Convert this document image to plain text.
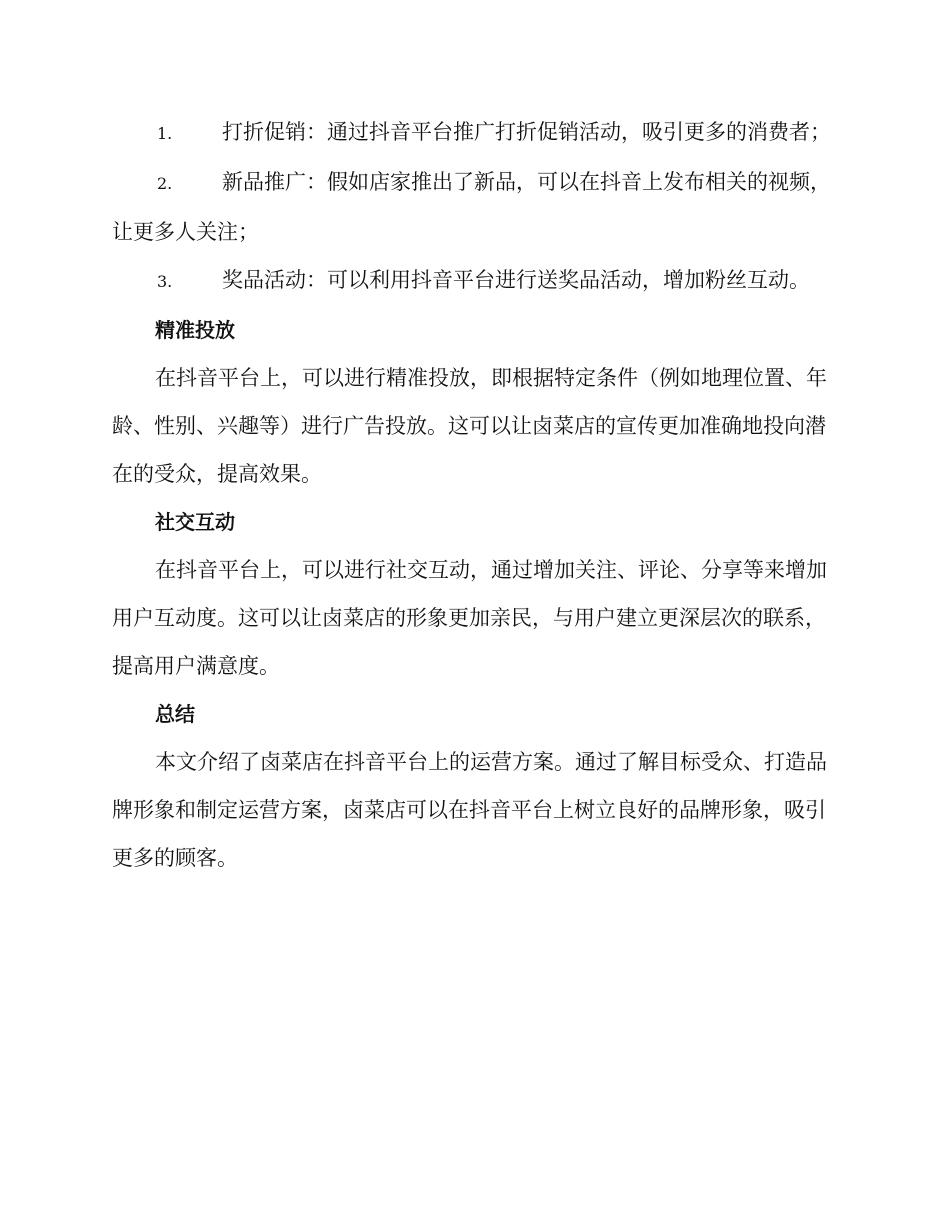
1. 打折促销：通过抖音平台推广打折促销活动，吸引更多的消费者；

2. 新品推广：假如店家推出了新品，可以在抖音上发布相关的视频，让更多人关注；

3. 奖品活动：可以利用抖音平台进行送奖品活动，增加粉丝互动。

精准投放

在抖音平台上，可以进行精准投放，即根据特定条件（例如地理位置、年龄、性别、兴趣等）进行广告投放。这可以让卤菜店的宣传更加准确地投向潜在的受众，提高效果。

社交互动

在抖音平台上，可以进行社交互动，通过增加关注、评论、分享等来增加用户互动度。这可以让卤菜店的形象更加亲民，与用户建立更深层次的联系，提高用户满意度。

总结

本文介绍了卤菜店在抖音平台上的运营方案。通过了解目标受众、打造品牌形象和制定运营方案，卤菜店可以在抖音平台上树立良好的品牌形象，吸引更多的顾客。
